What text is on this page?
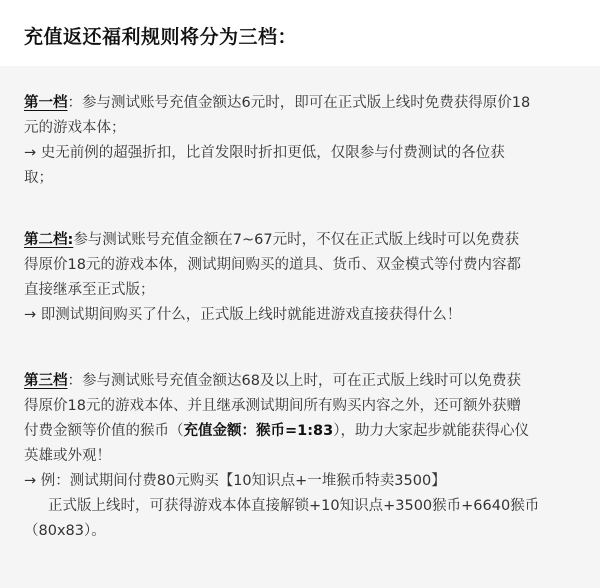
充值返还福利规则将分为三档：
第一档：参与测试账号充值金额达6元时，即可在正式版上线时免费获得原价18
元的游戏本体；
→ 史无前例的超强折扣，比首发限时折扣更低，仅限参与付费测试的各位获
取；
第二档:参与测试账号充值金额在7~67元时，不仅在正式版上线时可以免费获
得原价18元的游戏本体，测试期间购买的道具、货币、双金模式等付费内容都
直接继承至正式版；
→ 即测试期间购买了什么，正式版上线时就能进游戏直接获得什么！
第三档：参与测试账号充值金额达68及以上时，可在正式版上线时可以免费获
得原价18元的游戏本体、并且继承测试期间所有购买内容之外，还可额外获赠
付费金额等价值的猴币（充值金额：猴币=1:83），助力大家起步就能获得心仪
英雄或外观！
→ 例：测试期间付费80元购买【10知识点+一堆猴币特卖3500】
正式版上线时，可获得游戏本体直接解锁+10知识点+3500猴币+6640猴币
（80x83）。
